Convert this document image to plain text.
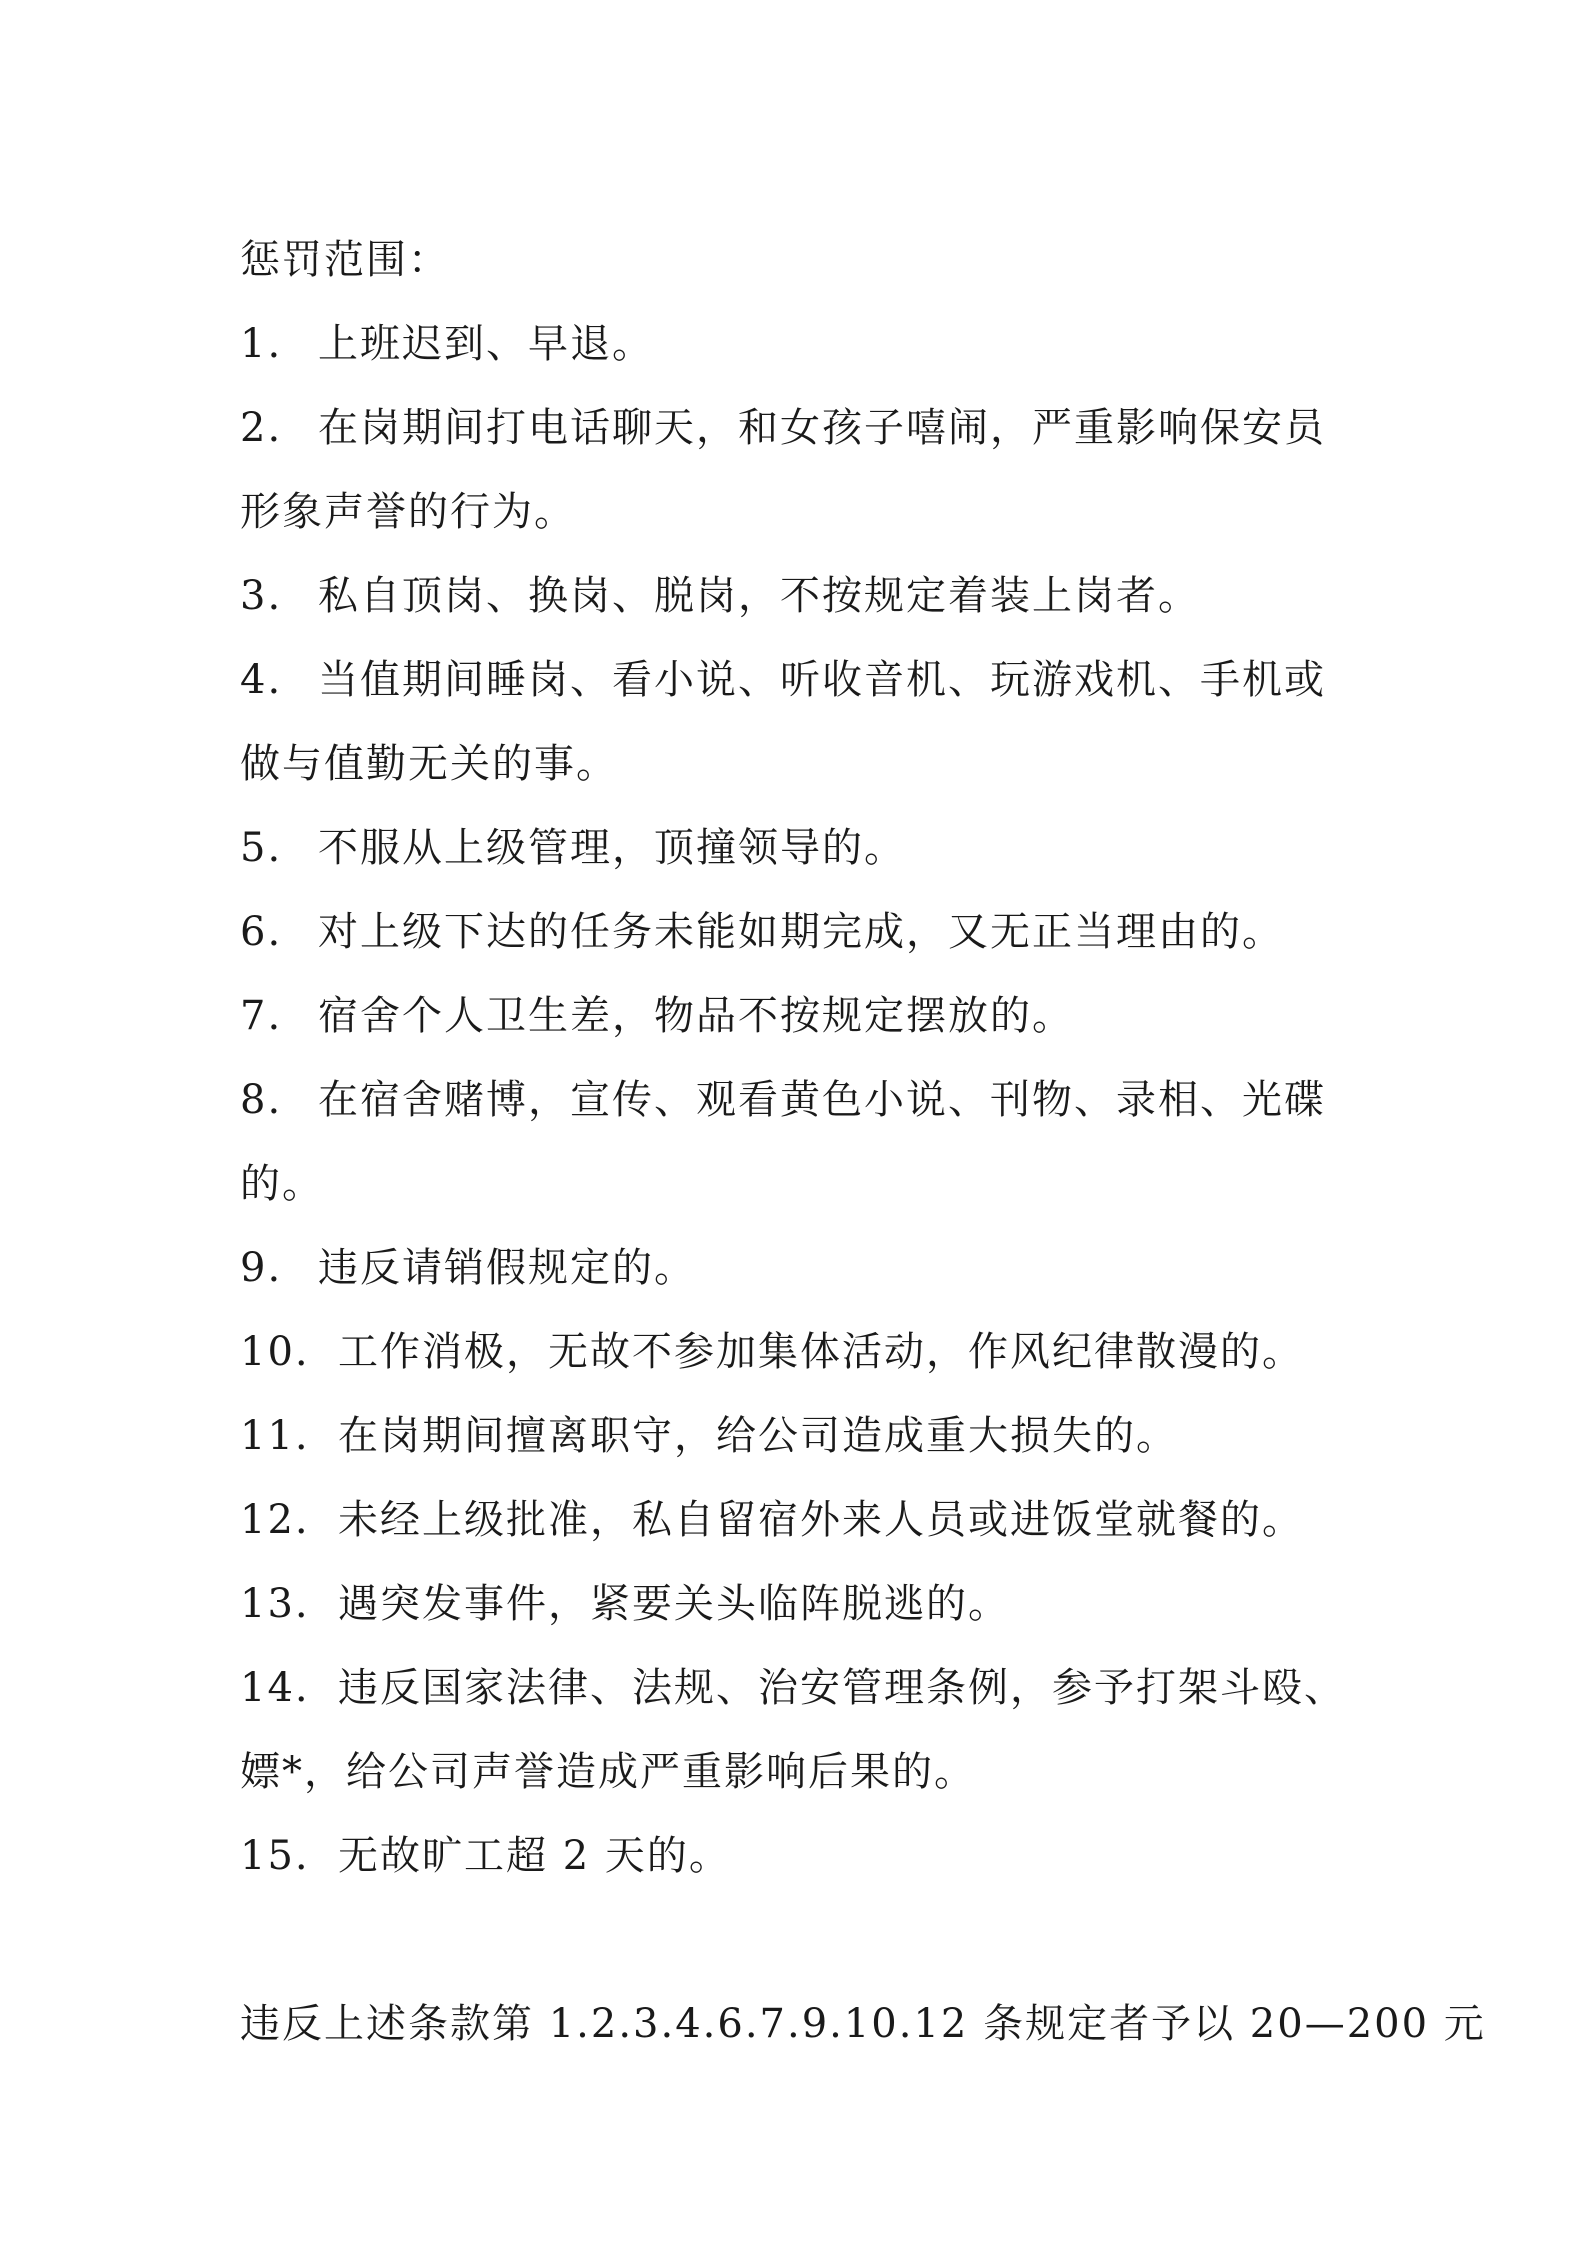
惩罚范围：
1. 上班迟到、早退。
2. 在岗期间打电话聊天，和女孩子嘻闹，严重影响保安员
形象声誉的行为。
3. 私自顶岗、换岗、脱岗，不按规定着装上岗者。
4. 当值期间睡岗、看小说、听收音机、玩游戏机、手机或
做与值勤无关的事。
5. 不服从上级管理，顶撞领导的。
6. 对上级下达的任务未能如期完成，又无正当理由的。
7. 宿舍个人卫生差，物品不按规定摆放的。
8. 在宿舍赌博，宣传、观看黄色小说、刊物、录相、光碟
的。
9. 违反请销假规定的。
10. 工作消极，无故不参加集体活动，作风纪律散漫的。
11. 在岗期间擅离职守，给公司造成重大损失的。
12. 未经上级批准，私自留宿外来人员或进饭堂就餐的。
13. 遇突发事件，紧要关头临阵脱逃的。
14. 违反国家法律、法规、治安管理条例，参予打架斗殴、
嫖*，给公司声誉造成严重影响后果的。
15. 无故旷工超 2 天的。
违反上述条款第 1.2.3.4.6.7.9.10.12 条规定者予以 20—200 元
